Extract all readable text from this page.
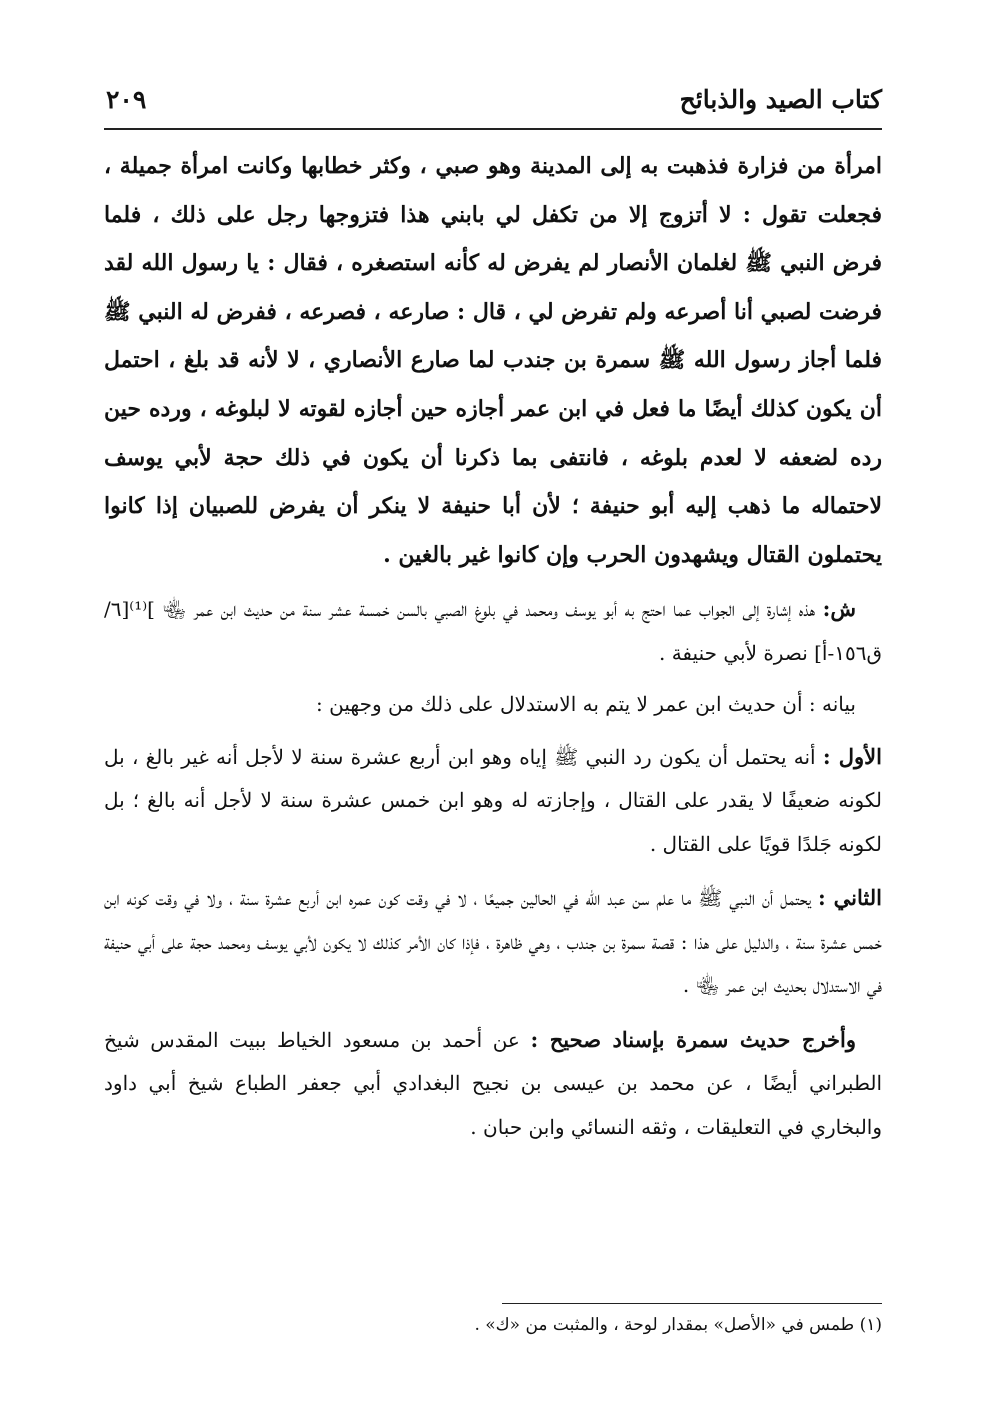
كتاب الصيد والذبائح
٢٠٩

امرأة من فزارة فذهبت به إلى المدينة وهو صبي ، وكثر خطابها وكانت امرأة جميلة ، فجعلت تقول : لا أتزوج إلا من تكفل لي بابني هذا فتزوجها رجل على ذلك ، فلما فرض النبي ﷺ لغلمان الأنصار لم يفرض له كأنه استصغره ، فقال : يا رسول الله لقد فرضت لصبي أنا أصرعه ولم تفرض لي ، قال : صارعه ، فصرعه ، ففرض له النبي ﷺ فلما أجاز رسول الله ﷺ سمرة بن جندب لما صارع الأنصاري ، لا لأنه قد بلغ ، احتمل أن يكون كذلك أيضًا ما فعل في ابن عمر أجازه حين أجازه لقوته لا لبلوغه ، ورده حين رده لضعفه لا لعدم بلوغه ، فانتفى بما ذكرنا أن يكون في ذلك حجة لأبي يوسف لاحتماله ما ذهب إليه أبو حنيفة ؛ لأن أبا حنيفة لا ينكر أن يفرض للصبيان إذا كانوا يحتملون القتال ويشهدون الحرب وإن كانوا غير بالغين .

ش: هذه إشارة إلى الجواب عما احتج به أبو يوسف ومحمد في بلوغ الصبي بالسن خمسة عشر سنة من حديث ابن عمر ﵄ ]⁽¹⁾[٦/ ق١٥٦-أ] نصرة لأبي حنيفة .

بيانه : أن حديث ابن عمر لا يتم به الاستدلال على ذلك من وجهين :

الأول : أنه يحتمل أن يكون رد النبي ﷺ إياه وهو ابن أربع عشرة سنة لا لأجل أنه غير بالغ ، بل لكونه ضعيفًا لا يقدر على القتال ، وإجازته له وهو ابن خمس عشرة سنة لا لأجل أنه بالغ ؛ بل لكونه جَلدًا قويًا على القتال .

الثاني : يحتمل أن النبي ﷺ ما علم سن عبد الله في الحالين جميعًا ، لا في وقت كون عمره ابن أربع عشرة سنة ، ولا في وقت كونه ابن خمس عشرة سنة ، والدليل على هذا : قصة سمرة بن جندب ، وهي ظاهرة ، فإذا كان الأمر كذلك لا يكون لأبي يوسف ومحمد حجة على أبي حنيفة في الاستدلال بحديث ابن عمر ﵄ .

وأخرج حديث سمرة بإسناد صحيح : عن أحمد بن مسعود الخياط ببيت المقدس شيخ الطبراني أيضًا ، عن محمد بن عيسى بن نجيح البغدادي أبي جعفر الطباع شيخ أبي داود والبخاري في التعليقات ، وثقه النسائي وابن حبان .

(١) طمس في «الأصل» بمقدار لوحة ، والمثبت من «ك» .
